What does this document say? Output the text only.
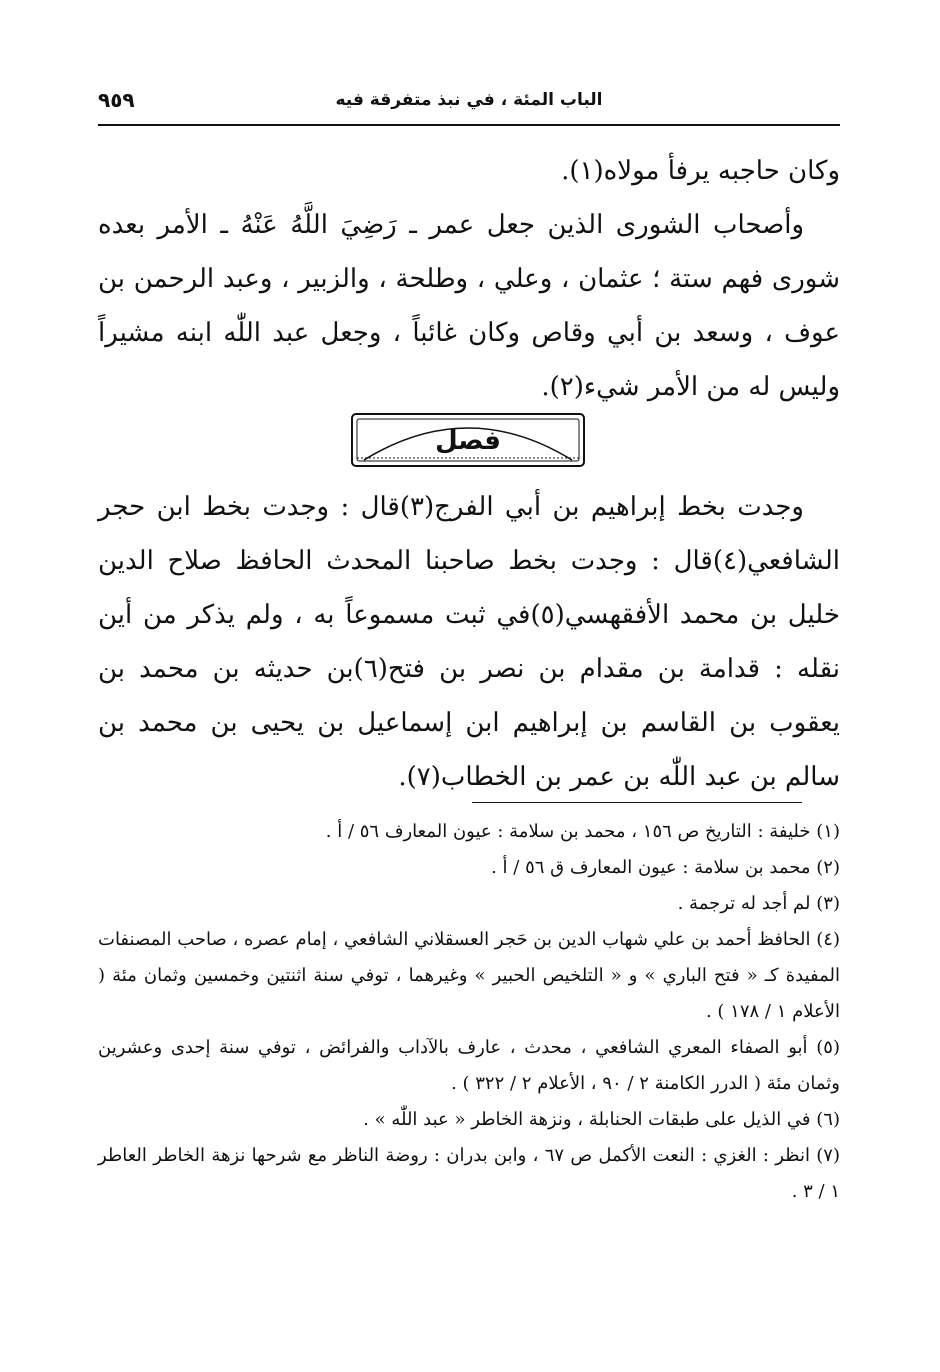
الباب المئة ، في نبذ متفرقة فيه
٩٥٩

وكان حاجبه يرفأ مولاه(١).

وأصحاب الشورى الذين جعل عمر ـ رَضِيَ اللَّهُ عَنْهُ ـ الأمر بعده شورى فهم ستة ؛ عثمان ، وعلي ، وطلحة ، والزبير ، وعبد الرحمن بن عوف ، وسعد بن أبي وقاص وكان غائباً ، وجعل عبد اللّٰه ابنه مشيراً وليس له من الأمر شيء(٢).

فصل

وجدت بخط إبراهيم بن أبي الفرج(٣)قال : وجدت بخط ابن حجر الشافعي(٤)قال : وجدت بخط صاحبنا المحدث الحافظ صلاح الدين خليل بن محمد الأفقهسي(٥)في ثبت مسموعاً به ، ولم يذكر من أين نقله : قدامة بن مقدام بن نصر بن فتح(٦)بن حديثه بن محمد بن يعقوب بن القاسم بن إبراهيم ابن إسماعيل بن يحيى بن محمد بن سالم بن عبد اللّٰه بن عمر بن الخطاب(٧).

(١) خليفة : التاريخ ص ١٥٦ ، محمد بن سلامة : عيون المعارف ٥٦ / أ .

(٢) محمد بن سلامة : عيون المعارف ق ٥٦ / أ .

(٣) لم أجد له ترجمة .

(٤) الحافظ أحمد بن علي شهاب الدين بن حَجر العسقلاني الشافعي ، إمام عصره ، صاحب المصنفات المفيدة كـ « فتح الباري » و « التلخيص الحبير » وغيرهما ، توفي سنة اثنتين وخمسين وثمان مئة ( الأعلام ١ / ١٧٨ ) .

(٥) أبو الصفاء المعري الشافعي ، محدث ، عارف بالآداب والفرائض ، توفي سنة إحدى وعشرين وثمان مئة ( الدرر الكامنة ٢ / ٩٠ ، الأعلام ٢ / ٣٢٢ ) .

(٦) في الذيل على طبقات الحنابلة ، ونزهة الخاطر « عبد اللّٰه » .

(٧) انظر : الغزي : النعت الأكمل ص ٦٧ ، وابن بدران : روضة الناظر مع شرحها نزهة الخاطر العاطر ١ / ٣ .
